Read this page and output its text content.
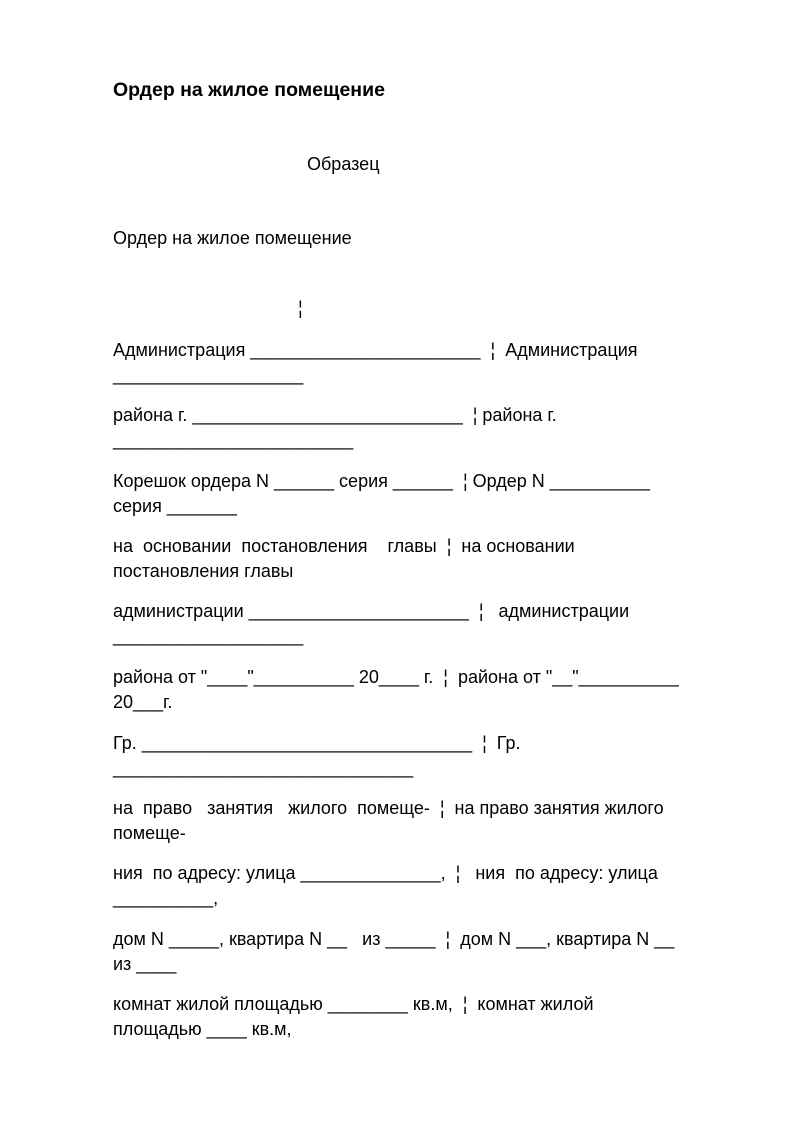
Ордер на жилое помещение
Образец
Ордер на жилое помещение
¦
Администрация _______________________  ¦  Администрация
___________________
района г. ___________________________  ¦ района г.
________________________
Корешок ордера N ______ серия ______  ¦ Ордер N __________
серия _______
на  основании  постановления    главы  ¦  на основании
постановления главы
администрации ______________________  ¦   администрации
___________________
района от "____"__________ 20____ г.  ¦  района от "__"__________
20___г.
Гр. _________________________________  ¦  Гр.
______________________________
на  право   занятия   жилого  помеще-  ¦  на право занятия жилого
помеще-
ния  по адресу: улица ______________,  ¦   ния  по адресу: улица
__________,
дом N _____, квартира N __   из _____  ¦  дом N ___, квартира N __
из ____
комнат жилой площадью ________ кв.м,  ¦  комнат жилой
площадью ____ кв.м,
